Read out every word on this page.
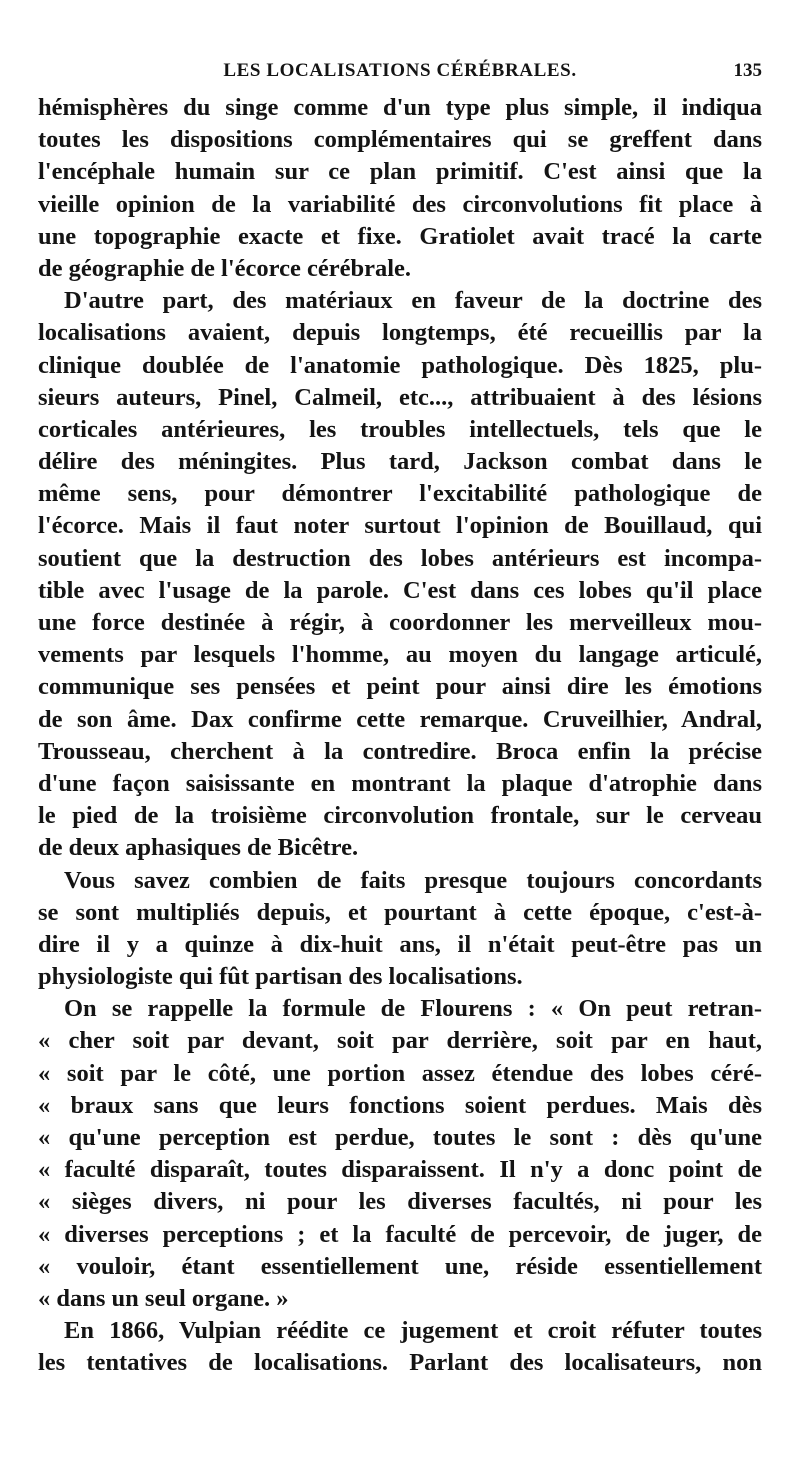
LES LOCALISATIONS CÉRÉBRALES.	135
hémisphères du singe comme d'un type plus simple, il indiqua
toutes les dispositions complémentaires qui se greffent dans
l'encéphale humain sur ce plan primitif. C'est ainsi que la
vieille opinion de la variabilité des circonvolutions fit place à
une topographie exacte et fixe. Gratiolet avait tracé la carte
de géographie de l'écorce cérébrale.
D'autre part, des matériaux en faveur de la doctrine des
localisations avaient, depuis longtemps, été recueillis par la
clinique doublée de l'anatomie pathologique. Dès 1825, plu-
sieurs auteurs, Pinel, Calmeil, etc..., attribuaient à des lésions
corticales antérieures, les troubles intellectuels, tels que le
délire des méningites. Plus tard, Jackson combat dans le
même sens, pour démontrer l'excitabilité pathologique de
l'écorce. Mais il faut noter surtout l'opinion de Bouillaud, qui
soutient que la destruction des lobes antérieurs est incompa-
tible avec l'usage de la parole. C'est dans ces lobes qu'il place
une force destinée à régir, à coordonner les merveilleux mou-
vements par lesquels l'homme, au moyen du langage articulé,
communique ses pensées et peint pour ainsi dire les émotions
de son âme. Dax confirme cette remarque. Cruveilhier, Andral,
Trousseau, cherchent à la contredire. Broca enfin la précise
d'une façon saisissante en montrant la plaque d'atrophie dans
le pied de la troisième circonvolution frontale, sur le cerveau
de deux aphasiques de Bicêtre.
Vous savez combien de faits presque toujours concordants
se sont multipliés depuis, et pourtant à cette époque, c'est-à-
dire il y a quinze à dix-huit ans, il n'était peut-être pas un
physiologiste qui fût partisan des localisations.
On se rappelle la formule de Flourens : « On peut retran-
« cher soit par devant, soit par derrière, soit par en haut,
« soit par le côté, une portion assez étendue des lobes céré-
« braux sans que leurs fonctions soient perdues. Mais dès
« qu'une perception est perdue, toutes le sont : dès qu'une
« faculté disparaît, toutes disparaissent. Il n'y a donc point de
« sièges divers, ni pour les diverses facultés, ni pour les
« diverses perceptions ; et la faculté de percevoir, de juger, de
« vouloir, étant essentiellement une, réside essentiellement
« dans un seul organe. »
En 1866, Vulpian réédite ce jugement et croit réfuter toutes
les tentatives de localisations. Parlant des localisateurs, non
